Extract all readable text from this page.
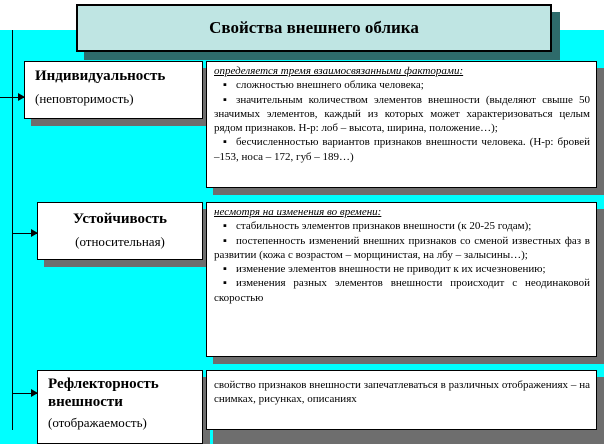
Свойства внешнего облика
Индивидуальность
(неповторимость)
определяется тремя взаимосвязанными факторами:
▪ сложностью внешнего облика человека;
▪ значительным количеством элементов внешности (выделяют свыше 50 значимых элементов, каждый из которых может характеризоваться целым рядом признаков. Н-р: лоб – высота, ширина, положение…);
▪ бесчисленностью вариантов признаков внешности человека. (Н-р: бровей –153, носа – 172, губ – 189…)
Устойчивость
(относительная)
несмотря на изменения во времени:
▪ стабильность элементов признаков внешности (к 20-25 годам);
▪ постепенность изменений внешних признаков со сменой известных фаз в развитии (кожа с возрастом – морщинистая, на лбу – залысины…);
▪ изменение элементов внешности не приводит к их исчезновению;
▪ изменения разных элементов внешности происходит с неодинаковой скоростью
Рефлекторность внешности
(отображаемость)
свойство признаков внешности запечатлеваться в различных отображениях – на снимках, рисунках, описаниях
